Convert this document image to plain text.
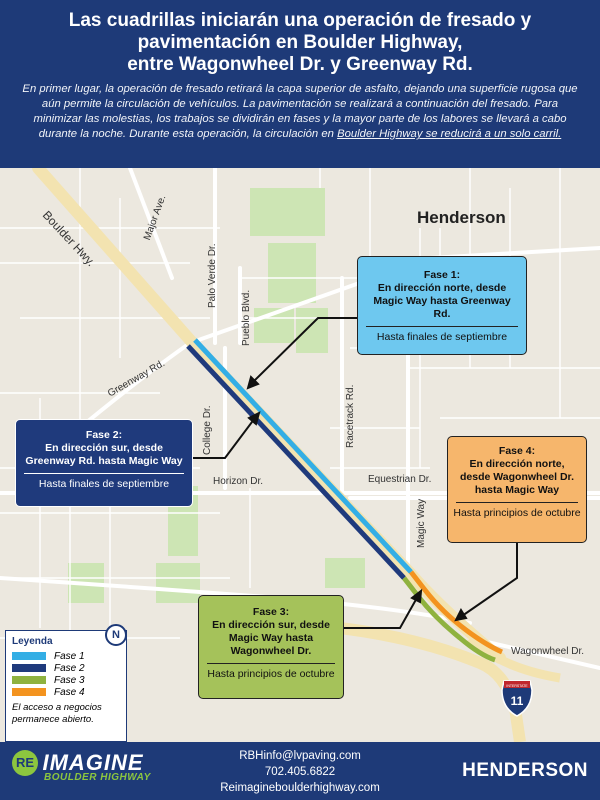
Las cuadrillas iniciarán una operación de fresado y
pavimentación en Boulder Highway,
entre Wagonwheel Dr. y Greenway Rd.

En primer lugar, la operación de fresado retirará la capa superior de asfalto, dejando una superficie rugosa que aún permite la circulación de vehículos. La pavimentación se realizará a continuación del fresado. Para minimizar las molestias, los trabajos se dividirán en fases y la mayor parte de los labores se llevará a cabo durante la noche. Durante esta operación, la circulación en Boulder Highway se reducirá a un solo carril.

INTERSTATE
11
Henderson
Boulder Hwy.	Major Ave.
Palo Verde Dr.
Pueblo Blvd.
Greenway Rd.
Racetrack Rd.
College Dr.
Horizon Dr.	Equestrian Dr.
Magic Way
Wagonwheel Dr.
Fase 1:
En dirección norte, desde Magic Way hasta Greenway Rd.
Hasta finales de septiembre
Fase 2:
En dirección sur, desde Greenway Rd. hasta Magic Way
Hasta finales de septiembre
Fase 3:
En dirección sur, desde Magic Way hasta Wagonwheel Dr.
Hasta principios de octubre
Fase 4:
En dirección norte, desde Wagonwheel Dr. hasta Magic Way
Hasta principios de octubre
Leyenda
Fase 1
Fase 2
Fase 3
Fase 4
El acceso a negocios permanece abierto.
N
RE IMAGINE
BOULDER HIGHWAY
RBHinfo@lvpaving.com
702.405.6822
Reimagineboulderhighway.com
HENDERSON
